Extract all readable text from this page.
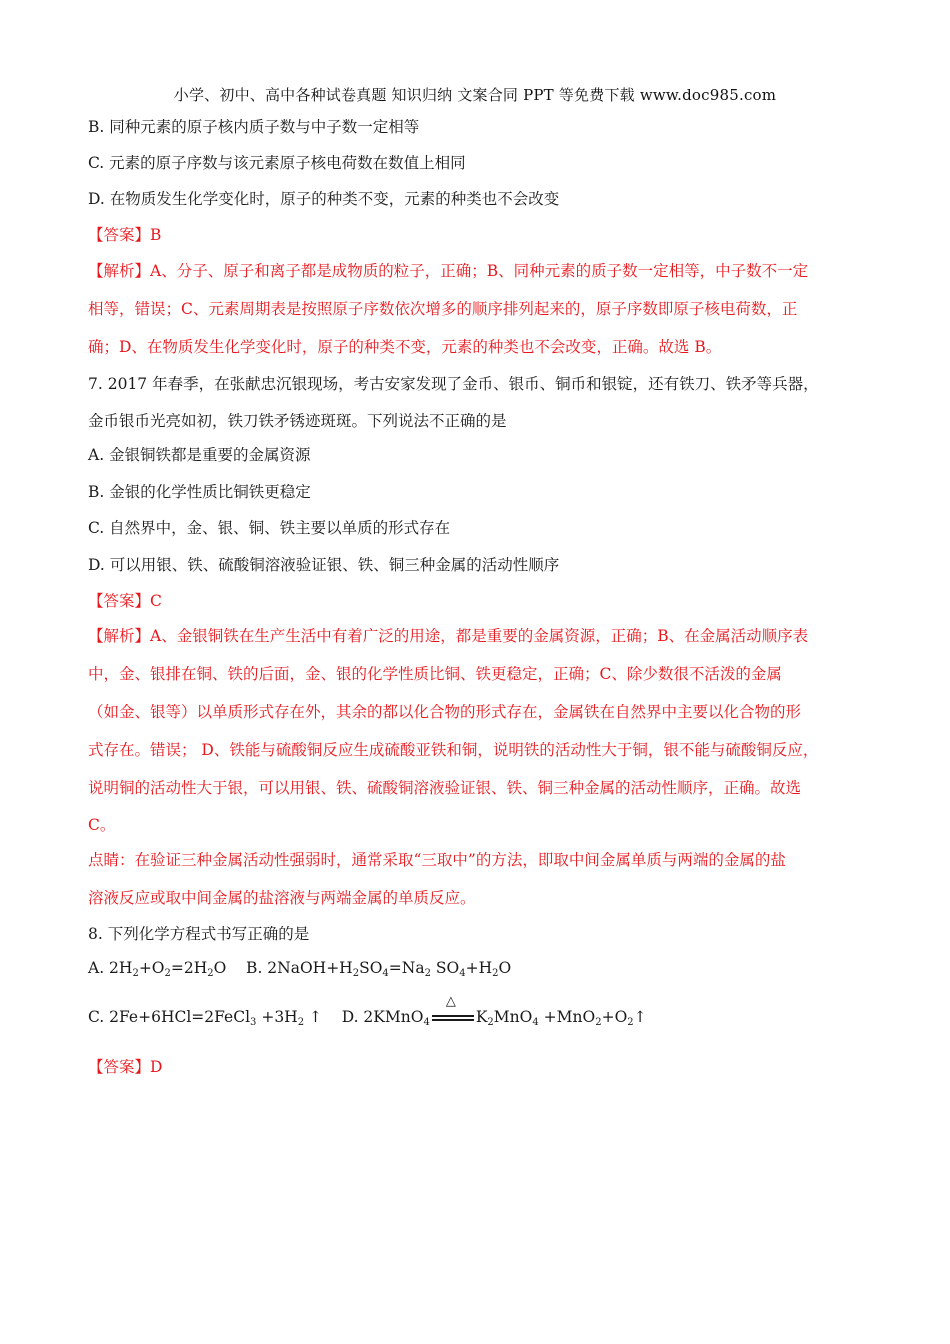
小学、初中、高中各种试卷真题 知识归纳 文案合同 PPT 等免费下载 www.doc985.com
B. 同种元素的原子核内质子数与中子数一定相等
C. 元素的原子序数与该元素原子核电荷数在数值上相同
D. 在物质发生化学变化时，原子的种类不变，元素的种类也不会改变
【答案】B
【解析】A、分子、原子和离子都是成物质的粒子，正确；B、同种元素的质子数一定相等，中子数不一定
相等，错误；C、元素周期表是按照原子序数依次增多的顺序排列起来的，原子序数即原子核电荷数，正
确；D、在物质发生化学变化时，原子的种类不变，元素的种类也不会改变，正确。故选 B。
7. 2017 年春季，在张献忠沉银现场，考古安家发现了金币、银币、铜币和银锭，还有铁刀、铁矛等兵器，
金币银币光亮如初，铁刀铁矛锈迹斑斑。下列说法不正确的是
A. 金银铜铁都是重要的金属资源
B. 金银的化学性质比铜铁更稳定
C. 自然界中，金、银、铜、铁主要以单质的形式存在
D. 可以用银、铁、硫酸铜溶液验证银、铁、铜三种金属的活动性顺序
【答案】C
【解析】A、金银铜铁在生产生活中有着广泛的用途，都是重要的金属资源，正确；B、在金属活动顺序表
中，金、银排在铜、铁的后面，金、银的化学性质比铜、铁更稳定，正确；C、除少数很不活泼的金属
（如金、银等）以单质形式存在外，其余的都以化合物的形式存在，金属铁在自然界中主要以化合物的形
式存在。错误； D、铁能与硫酸铜反应生成硫酸亚铁和铜，说明铁的活动性大于铜，银不能与硫酸铜反应，
说明铜的活动性大于银，可以用银、铁、硫酸铜溶液验证银、铁、铜三种金属的活动性顺序，正确。故选
C。
点睛：在验证三种金属活动性强弱时，通常采取“三取中”的方法，即取中间金属单质与两端的金属的盐
溶液反应或取中间金属的盐溶液与两端金属的单质反应。
8. 下列化学方程式书写正确的是
A. $2H_2+O_2=2H_2O$    B. $2NaOH+H_2SO_4=Na_2$ $SO_4+H_2O$
C. 2Fe+6HCl=2FeCl$_3$ $+3H_2$ ↑    D. 2KMnO$_4$
△
$K_2MnO_4$ $+MnO_2+O_2↑$
【答案】D
